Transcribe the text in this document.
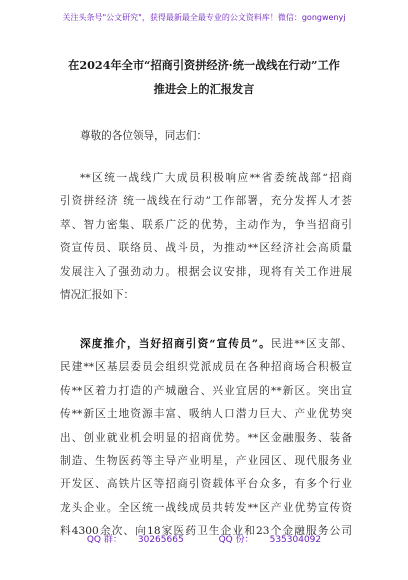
关注头条号"公文研究"，获得最新最全最专业的公文资料库！微信：gongwenyj
在2024年全市“招商引资拼经济·统一战线在行动”工作
推进会上的汇报发言
尊敬的各位领导，同志们：
**区统一战线广大成员积极响应**省委统战部“招商
引资拼经济 统一战线在行动”工作部署，充分发挥人才荟
萃、智力密集、联系广泛的优势，主动作为，争当招商引
资宣传员、联络员、战斗员，为推动**区经济社会高质量
发展注入了强劲动力。根据会议安排，现将有关工作进展
情况汇报如下：
深度推介，当好招商引资“宣传员”。民进**区支部、
民建**区基层委员会组织党派成员在各种招商场合积极宣
传**区着力打造的产城融合、兴业宜居的**新区。突出宣
传**新区土地资源丰富、吸纳人口潜力巨大、产业优势突
出、创业就业机会明显的招商优势。**区金融服务、装备
制造、生物医药等主导产业明星，产业园区、现代服务业
开发区、高铁片区等招商引资载体平台众多，有多个行业
龙头企业。全区统一战线成员共转发**区产业优势宣传资
料4300余次、向18家医药卫生企业和23个金融服务公司
QQ 群： 30265665	QQ 份： 535304092
